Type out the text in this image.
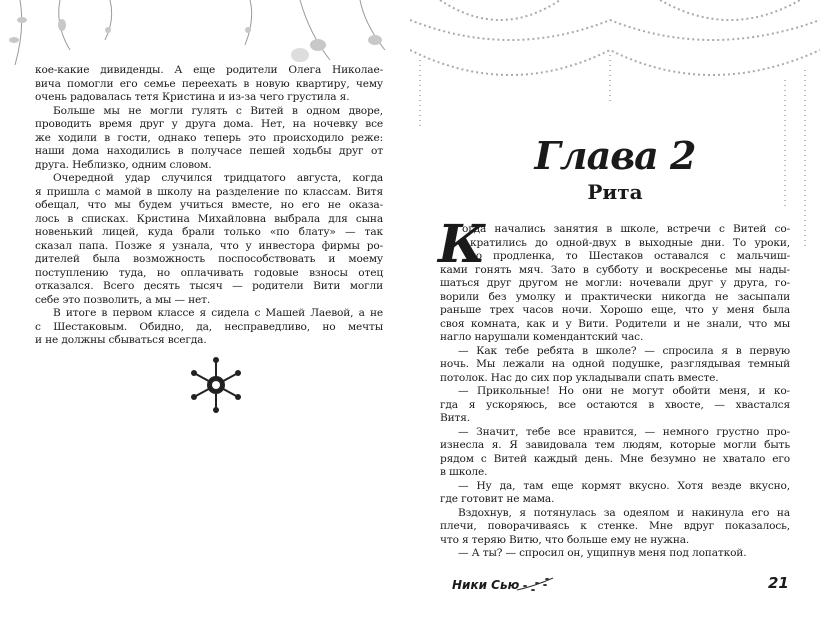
кое-какие дивиденды. А еще родители Олега Николае-
вича помогли его семье переехать в новую квартиру, чему
очень радовалась тетя Кристина и из-за чего грустила я.
Больше мы не могли гулять с Витей в одном дворе,
проводить время друг у друга дома. Нет, на ночевку все
же ходили в гости, однако теперь это происходило реже:
наши дома находились в получасе пешей ходьбы друг от
друга. Неблизко, одним словом.
Очередной удар случился тридцатого августа, когда
я пришла с мамой в школу на разделение по классам. Витя
обещал, что мы будем учиться вместе, но его не оказа-
лось в списках. Кристина Михайловна выбрала для сына
новенький лицей, куда брали только «по блату» — так
сказал папа. Позже я узнала, что у инвестора фирмы ро-
дителей была возможность поспособствовать и моему
поступлению туда, но оплачивать годовые взносы отец
отказался. Всего десять тысяч — родители Вити могли
себе это позволить, а мы — нет.
В итоге в первом классе я сидела с Машей Лаевой, а не
с Шестаковым. Обидно, да, несправедливо, но мечты
и не должны сбываться всегда.
Глава 2
Рита
К
огда начались занятия в школе, встречи с Витей со-
кратились до одной-двух в выходные дни. То уроки,
то продленка, то Шестаков оставался с мальчиш-
ками гонять мяч. Зато в субботу и воскресенье мы нады-
шаться друг другом не могли: ночевали друг у друга, го-
ворили без умолку и практически никогда не засыпали
раньше трех часов ночи. Хорошо еще, что у меня была
своя комната, как и у Вити. Родители и не знали, что мы
нагло нарушали комендантский час.
— Как тебе ребята в школе? — спросила я в первую
ночь. Мы лежали на одной подушке, разглядывая темный
потолок. Нас до сих пор укладывали спать вместе.
— Прикольные! Но они не могут обойти меня, и ко-
гда я ускоряюсь, все остаются в хвосте, — хвастался
Витя.
— Значит, тебе все нравится, — немного грустно про-
изнесла я. Я завидовала тем людям, которые могли быть
рядом с Витей каждый день. Мне безумно не хватало его
в школе.
— Ну да, там еще кормят вкусно. Хотя везде вкусно,
где готовит не мама.
Вздохнув, я потянулась за одеялом и накинула его на
плечи, поворачиваясь к стенке. Мне вдруг показалось,
что я теряю Витю, что больше ему не нужна.
— А ты? — спросил он, ущипнув меня под лопаткой.
Ники Сью	21
